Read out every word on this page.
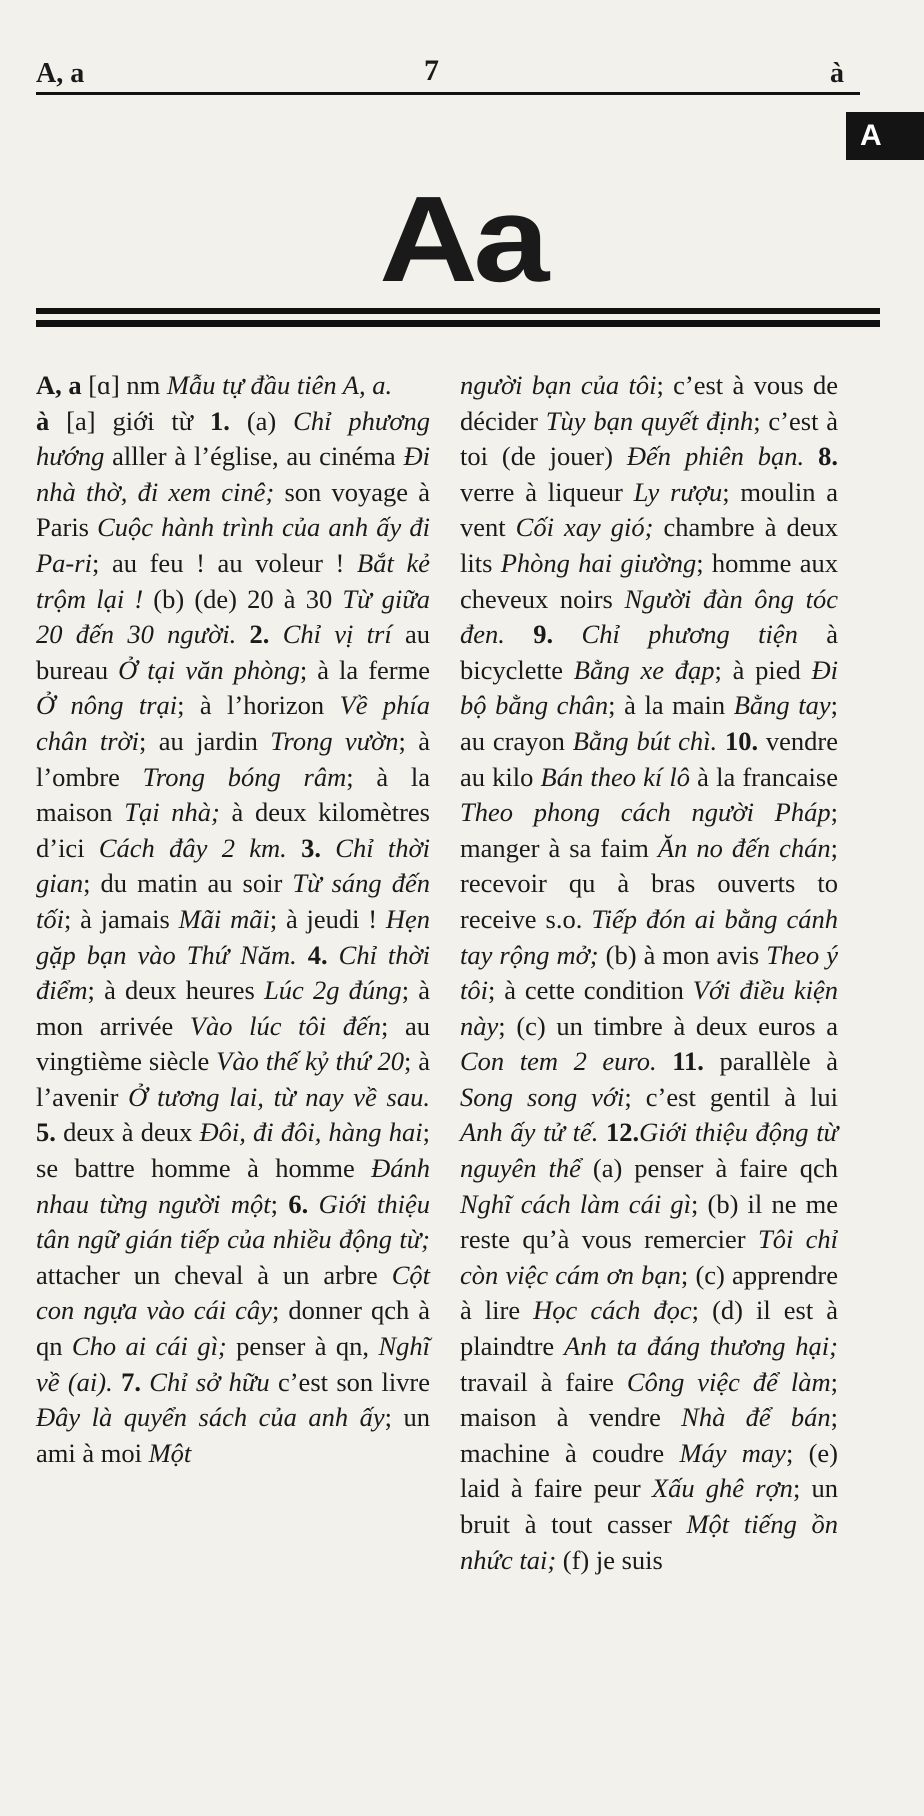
A, a	7	à
A
Aa

A, a [ɑ] nm Mẫu tự đầu tiên A, a.

à [a] giới từ 1. (a) Chỉ phương hướng alller à l’église, au cinéma Đi nhà thờ, đi xem cinê; son voyage à Paris Cuộc hành trình của anh ấy đi Pa-ri; au feu ! au voleur ! Bắt kẻ trộm lại ! (b) (de) 20 à 30 Từ giữa 20 đến 30 người. 2. Chỉ vị trí au bureau Ở tại văn phòng; à la ferme Ở nông trại; à l’horizon Về phía chân trời; au jardin Trong vườn; à l’ombre Trong bóng râm; à la maison Tại nhà; à deux kilomètres d’ici Cách đây 2 km. 3. Chỉ thời gian; du matin au soir Từ sáng đến tối; à jamais Mãi mãi; à jeudi ! Hẹn gặp bạn vào Thứ Năm. 4. Chỉ thời điểm; à deux heures Lúc 2g đúng; à mon arrivée Vào lúc tôi đến; au vingtième siècle Vào thế kỷ thứ 20; à l’avenir Ở tương lai, từ nay về sau. 5. deux à deux Đôi, đi đôi, hàng hai; se battre homme à homme Đánh nhau từng người một; 6. Giới thiệu tân ngữ gián tiếp của nhiều động từ; attacher un cheval à un arbre Cột con ngựa vào cái cây; donner qch à qn Cho ai cái gì; penser à qn, Nghĩ về (ai). 7. Chỉ sở hữu c’est son livre Đây là quyển sách của anh ấy; un ami à moi Một

người bạn của tôi; c’est à vous de décider Tùy bạn quyết định; c’est à toi (de jouer) Đến phiên bạn. 8. verre à liqueur Ly rượu; moulin a vent Cối xay gió; chambre à deux lits Phòng hai giường; homme aux cheveux noirs Người đàn ông tóc đen. 9. Chỉ phương tiện à bicyclette Bằng xe đạp; à pied Đi bộ bằng chân; à la main Bằng tay; au crayon Bằng bút chì. 10. vendre au kilo Bán theo kí lô à la francaise Theo phong cách người Pháp; manger à sa faim Ăn no đến chán; recevoir qu à bras ouverts to receive s.o. Tiếp đón ai bằng cánh tay rộng mở; (b) à mon avis Theo ý tôi; à cette condition Với điều kiện này; (c) un timbre à deux euros a Con tem 2 euro. 11. parallèle à Song song với; c’est gentil à lui Anh ấy tử tế. 12.Giới thiệu động từ nguyên thể (a) penser à faire qch Nghĩ cách làm cái gì; (b) il ne me reste qu’à vous remercier Tôi chỉ còn việc cám ơn bạn; (c) apprendre à lire Học cách đọc; (d) il est à plaindtre Anh ta đáng thương hại; travail à faire Công việc để làm; maison à vendre Nhà để bán; machine à coudre Máy may; (e) laid à faire peur Xấu ghê rợn; un bruit à tout casser Một tiếng ồn nhức tai; (f) je suis
